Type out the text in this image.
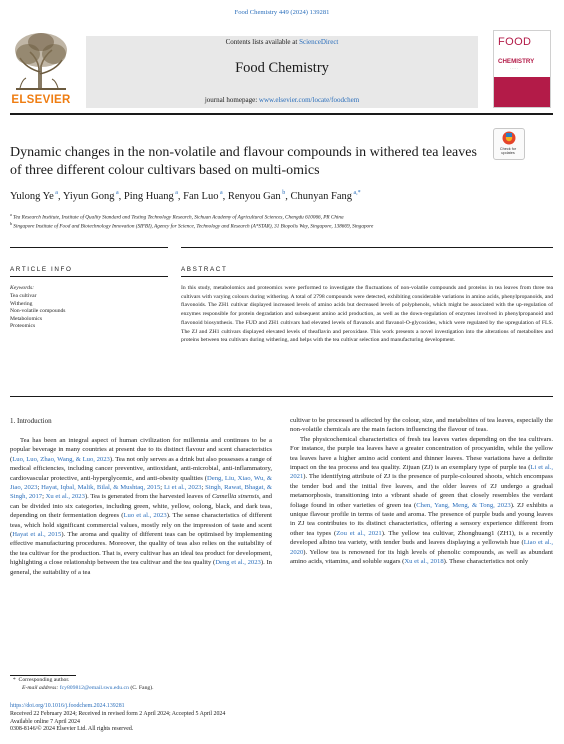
Food Chemistry 449 (2024) 139281
ELSEVIER
Contents lists available at ScienceDirect
Food Chemistry
journal homepage: www.elsevier.com/locate/foodchem
FOOD
CHEMISTRY
· · · · ·
Check for updates
Dynamic changes in the non-volatile and flavour compounds in withered tea leaves of three different colour cultivars based on multi-omics
Yulong Ye $^a$, Yiyun Gong $^a$, Ping Huang $^a$, Fan Luo $^a$, Renyou Gan $^b$, Chunyan Fang $^{a,*}$
$^a$ Tea Research Institute, Institute of Quality Standard and Testing Technology Research, Sichuan Academy of Agricultural Sciences, Chengdu 610066, PR China
$^b$ Singapore Institute of Food and Biotechnology Innovation (SIFBI), Agency for Science, Technology and Research (A*STAR), 31 Biopolis Way, Singapore, 138669, Singapore
ARTICLE INFO
Keywords:
Tea cultivar
Withering
Non-volatile compounds
Metabolomics
Proteomics
ABSTRACT
In this study, metabolomics and proteomics were performed to investigate the fluctuations of non-volatile compounds and proteins in tea leaves from three tea cultivars with varying colours during withering. A total of 2798 compounds were detected, exhibiting considerable variations in amino acids, phenylpropanoids, and flavonoids. The ZH1 cultivar displayed increased levels of amino acids but decreased levels of polyphenols, which might be associated with the up-regulation of enzymes responsible for protein degradation and subsequent amino acid production, as well as the down-regulation of enzymes involved in phenylpropanoid and flavonoid biosynthesis. The FUD and ZH1 cultivars had elevated levels of flavanols and flavanol-O-glycosides, which were regulated by the upregulation of FLS. The ZJ and ZH1 cultivars displayed elevated levels of theaflavin and peroxidase. This work presents a novel investigation into the alterations of metabolites and proteins between tea cultivars during withering, and helps with the tea cultivar selection and manufacturing development.
1. Introduction

Tea has been an integral aspect of human civilization for millennia and continues to be a popular beverage in many countries at present due to its distinct flavour and scent characteristics (Luo, Luo, Zhao, Wang, & Luo, 2023). Tea not only serves as a drink but also possesses a range of medical efficiencies, including cancer preventive, antioxidant, anti-microbial, anti-inflammatory, cardiovascular protective, anti-hyperglycemic, and anti-obesity qualities (Deng, Liu, Xiao, Wu, & Jiao, 2023; Hayat, Iqbal, Malik, Bilal, & Mushtaq, 2015; Li et al., 2023; Singh, Rawat, Bhagat, & Singh, 2017; Xu et al., 2023). Tea is generated from the harvested leaves of Camellia sinensis, and can be divided into six categories, including green, white, yellow, oolong, black, and dark teas, depending on their fermentation degrees (Luo et al., 2023). The sense characteristics of different teas, which hold significant commercial values, mostly rely on the impression of taste and scent (Hayat et al., 2015). The aroma and quality of different teas can be optimised by implementing effective manufacturing procedures. Moreover, the quality of teas also relies on the suitability of the tea cultivar for the production. That is, every cultivar has an ideal tea product for development, highlighting a close relationship between the tea cultivar and the tea quality (Deng et al., 2023). In general, the suitability of a tea

cultivar to be processed is affected by the colour, size, and metabolites of tea leaves, especially the non-volatile chemicals are the main factors influencing the flavour of teas.

The physicochemical characteristics of fresh tea leaves varies depending on the tea cultivars. For instance, the purple tea leaves have a greater concentration of procyanidin, while the yellow tea leaves have a higher amino acid content and thinner leaves. These variations have a definite impact on the tea process and tea quality. Zijuan (ZJ) is an exemplary type of purple tea (Li et al., 2021). The identifying attribute of ZJ is the presence of purple-coloured shoots, which encompass the tender bud and the initial five leaves, and the older leaves of ZJ undergo a gradual metamorphosis, transitioning into a vibrant shade of green that closely resembles the verdant foliage found in other varieties of green tea (Chen, Yang, Meng, & Tong, 2023). ZJ exhibits a unique flavour profile in terms of taste and aroma. The presence of purple buds and young leaves in ZJ tea contributes to its distinct characteristics, offering a sensory experience different from other tea types (Zou et al., 2021). The yellow tea cultivar, Zhonghuang1 (ZH1), is a recently developed albino tea variety, with tender buds and leaves displaying a yellowish hue (Liao et al., 2020). Yellow tea is renowned for its high levels of phenolic compounds, as well as abundant amino acids, vitamins, and soluble sugars (Xu et al., 2018). These characteristics not only

*  Corresponding author.
E-mail address: fcy809812@email.swu.edu.cn (C. Fang).
https://doi.org/10.1016/j.foodchem.2024.139281
Received 22 February 2024; Received in revised form 2 April 2024; Accepted 5 April 2024
Available online 7 April 2024
0308-8146/© 2024 Elsevier Ltd. All rights reserved.
